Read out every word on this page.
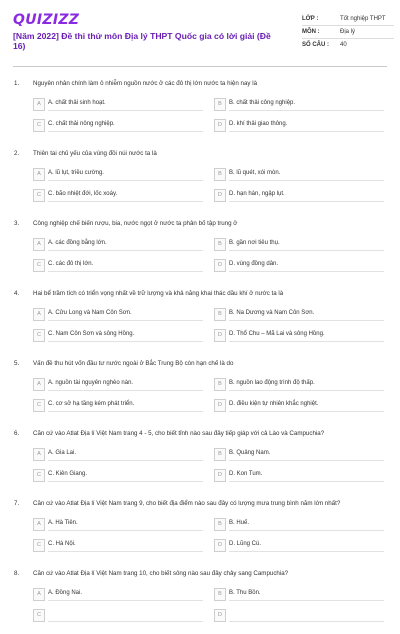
QUIZIZZ
[Năm 2022] Đề thi thử môn Địa lý THPT Quốc gia có lời giải (Đề 16)
LỚP :	Tốt nghiệp THPT
MÔN :	Địa lý
SỐ CÂU :	40
1. Nguyên nhân chính làm ô nhiễm nguồn nước ở các đô thị lớn nước ta hiện nay là
A	A. chất thải sinh hoạt.	B	B. chất thải công nghiệp.
C	C. chất thải nông nghiệp.	D	D. khí thải giao thông.
2. Thiên tai chủ yếu của vùng đồi núi nước ta là
A	A. lũ lụt, triều cường.	B	B. lũ quét, xói mòn.
C	C. bão nhiệt đới, lốc xoáy.	D	D. hạn hán, ngập lụt.
3. Công nghiệp chế biến rượu, bia, nước ngọt ở nước ta phân bố tập trung ở
A	A. các đồng bằng lớn.	B	B. gần nơi tiêu thụ.
C	C. các đô thị lớn.	D	D. vùng đồng dân.
4. Hai bể trầm tích có triển vọng nhất về trữ lượng và khả năng khai thác dầu khí ở nước ta là
A	A. Cửu Long và Nam Côn Sơn.	B	B. Na Dương và Nam Côn Sơn.
C	C. Nam Côn Sơn và sông Hồng.	D	D. Thổ Chu – Mã Lai và sông Hồng.
5. Vấn đề thu hút vốn đầu tư nước ngoài ở Bắc Trung Bộ còn hạn chế là do
A	A. nguồn tài nguyên nghèo nàn.	B	B. nguồn lao động trình độ thấp.
C	C. cơ sở hạ tầng kém phát triển.	D	D. điều kiện tự nhiên khắc nghiệt.
6. Căn cứ vào Atlat Địa lí Việt Nam trang 4 - 5, cho biết tỉnh nào sau đây tiếp giáp với cả Lào và Campuchia?
A	A. Gia Lai.	B	B. Quảng Nam.
C	C. Kiên Giang.	D	D. Kon Tum.
7. Căn cứ vào Atlat Địa lí Việt Nam trang 9, cho biết địa điểm nào sau đây có lượng mưa trung bình năm lớn nhất?
A	A. Hà Tiên.	B	B. Huế.
C	C. Hà Nội.	D	D. Lũng Cú.
8. Căn cứ vào Atlat Địa lí Việt Nam trang 10, cho biết sông nào sau đây chảy sang Campuchia?
A	A. Đồng Nai.	B	B. Thu Bồn.
C	D
